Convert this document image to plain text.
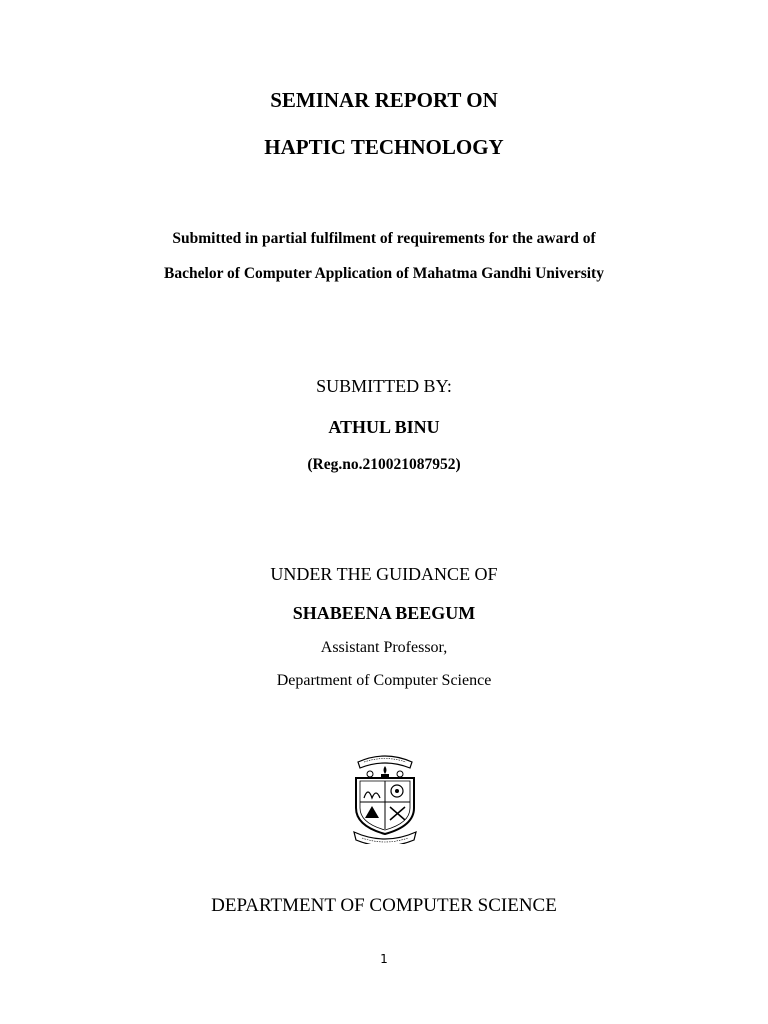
SEMINAR REPORT ON
HAPTIC TECHNOLOGY
Submitted in partial fulfilment of requirements for the award of
Bachelor of Computer Application of Mahatma Gandhi University
SUBMITTED BY:
ATHUL BINU
(Reg.no.210021087952)
UNDER THE GUIDANCE OF
SHABEENA BEEGUM
Assistant Professor,
Department of Computer Science
DEPARTMENT OF COMPUTER SCIENCE
1
